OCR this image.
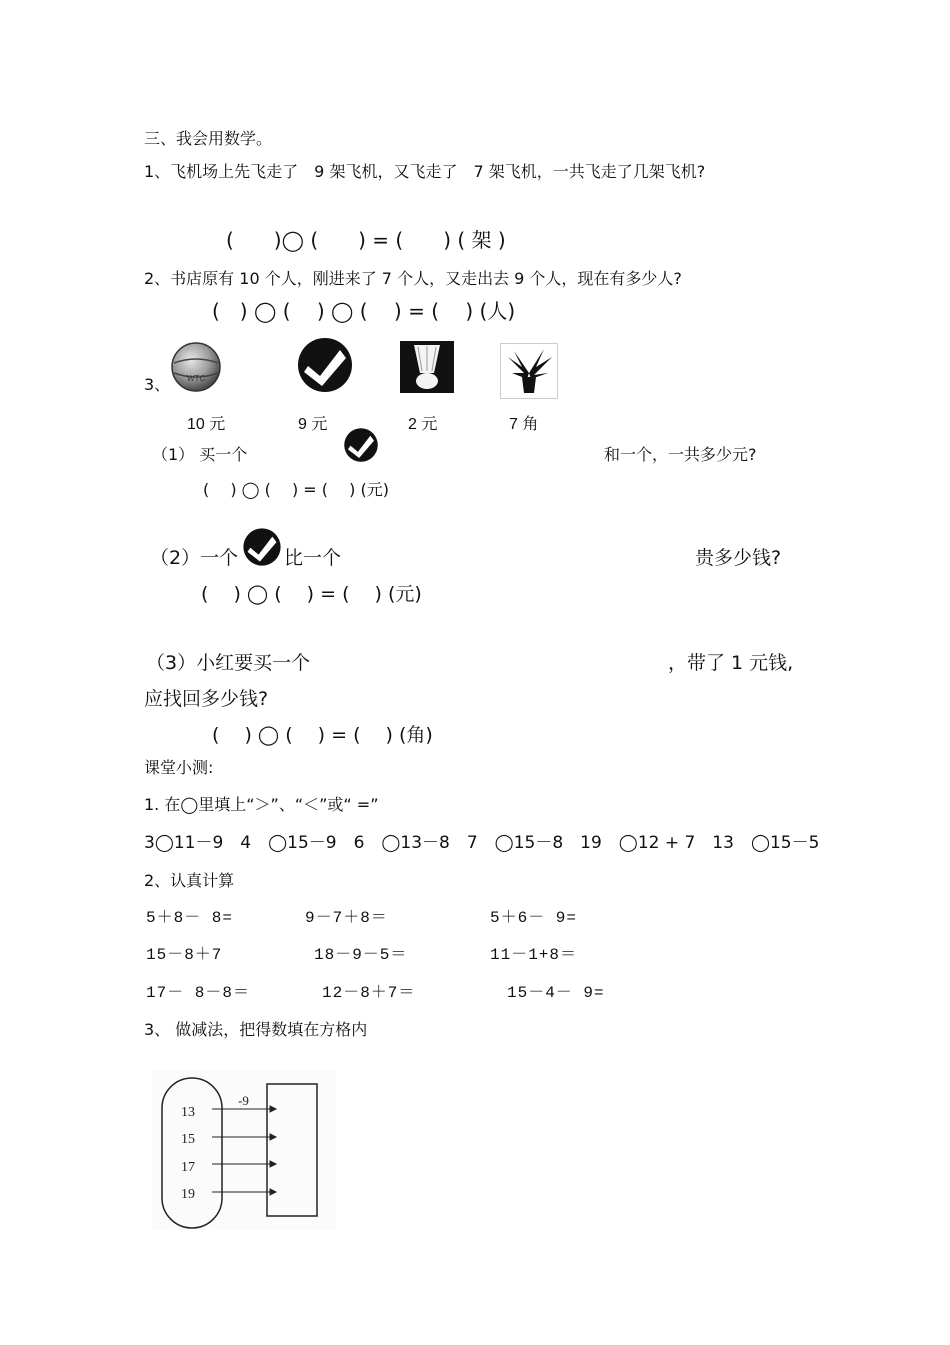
三、我会用数学。
1、飞机场上先飞走了　9 架飞机，又飞走了　7 架飞机，一共飞走了几架飞机?
(　　)◯ (　　) = (　　) ( 架 )
2、书店原有 10 个人，刚进来了 7 个人，又走出去 9 个人，现在有多少人?
(　) ◯ (　 ) ◯ (　 ) = (　 ) (人)
3、 WTC
10 元	9 元	2 元	7 角
（1） 买一个	和一个，一共多少元?
(　 ) ◯ (　 ) = (　 ) (元)
（2）一个 比一个	贵多少钱?
(　 ) ◯ (　 ) = (　 ) (元)
（3）小红要买一个	，带了 1 元钱,
应找回多少钱?
(　 ) ◯ (　 ) = (　 ) (角)
课堂小测:
1. 在◯里填上“＞”、“＜”或“ =”
3◯11－9　4　◯15－9　6　◯13－8　7　◯15－8　19　◯12 + 7　13　◯15－5
2、认真计算
5＋8－ 8=	9－7＋8＝	5＋6－ 9=
15－8＋7	18－9－5＝	11－1+8＝
17－ 8－8＝	12－8＋7＝	15－4－ 9=
3、 做减法，把得数填在方格内
-9
13
15
17
19
